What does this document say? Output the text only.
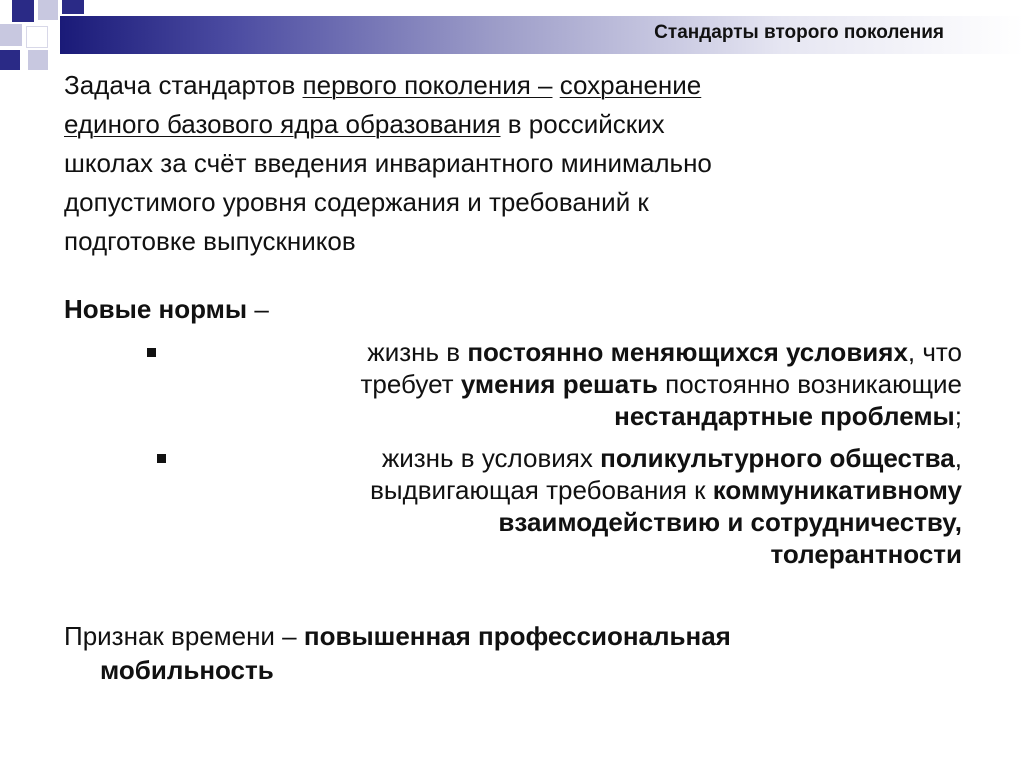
Стандарты второго поколения
Задача стандартов первого поколения – сохранение
единого базового ядра образования в российских
школах за счёт введения инвариантного минимально
допустимого уровня содержания и требований к
подготовке выпускников
Новые нормы –
жизнь в постоянно меняющихся условиях, что
требует умения решать постоянно возникающие
нестандартные проблемы;
жизнь в условиях поликультурного общества,
выдвигающая требования к коммуникативному
взаимодействию и сотрудничеству,
толерантности
Признак времени – повышенная профессиональная
мобильность
